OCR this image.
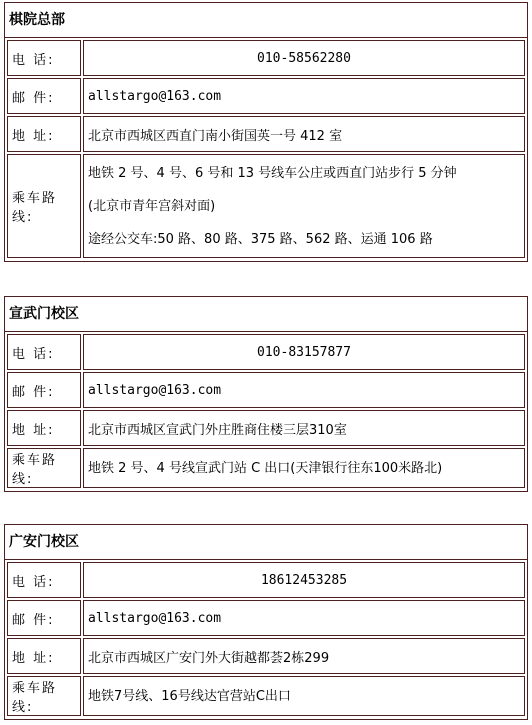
棋院总部
电 话:	010-58562280
邮 件:	allstargo@163.com
地 址:	北京市西城区西直门南小街国英一号 412 室
乘车路线:	地铁 2 号、4 号、6 号和 13 号线车公庄或西直门站步行 5 分钟
(北京市青年宫斜对面)
途经公交车:50 路、80 路、375 路、562 路、运通 106 路
宣武门校区
电 话:	010-83157877
邮 件:	allstargo@163.com
地 址:	北京市西城区宣武门外庄胜商住楼三层310室
乘车路线:	地铁 2 号、4 号线宣武门站 C 出口(天津银行往东100米路北)
广安门校区
电 话:	18612453285
邮 件:	allstargo@163.com
地 址:	北京市西城区广安门外大街越都荟2栋299
乘车路线:	地铁7号线、16号线达官营站C出口
